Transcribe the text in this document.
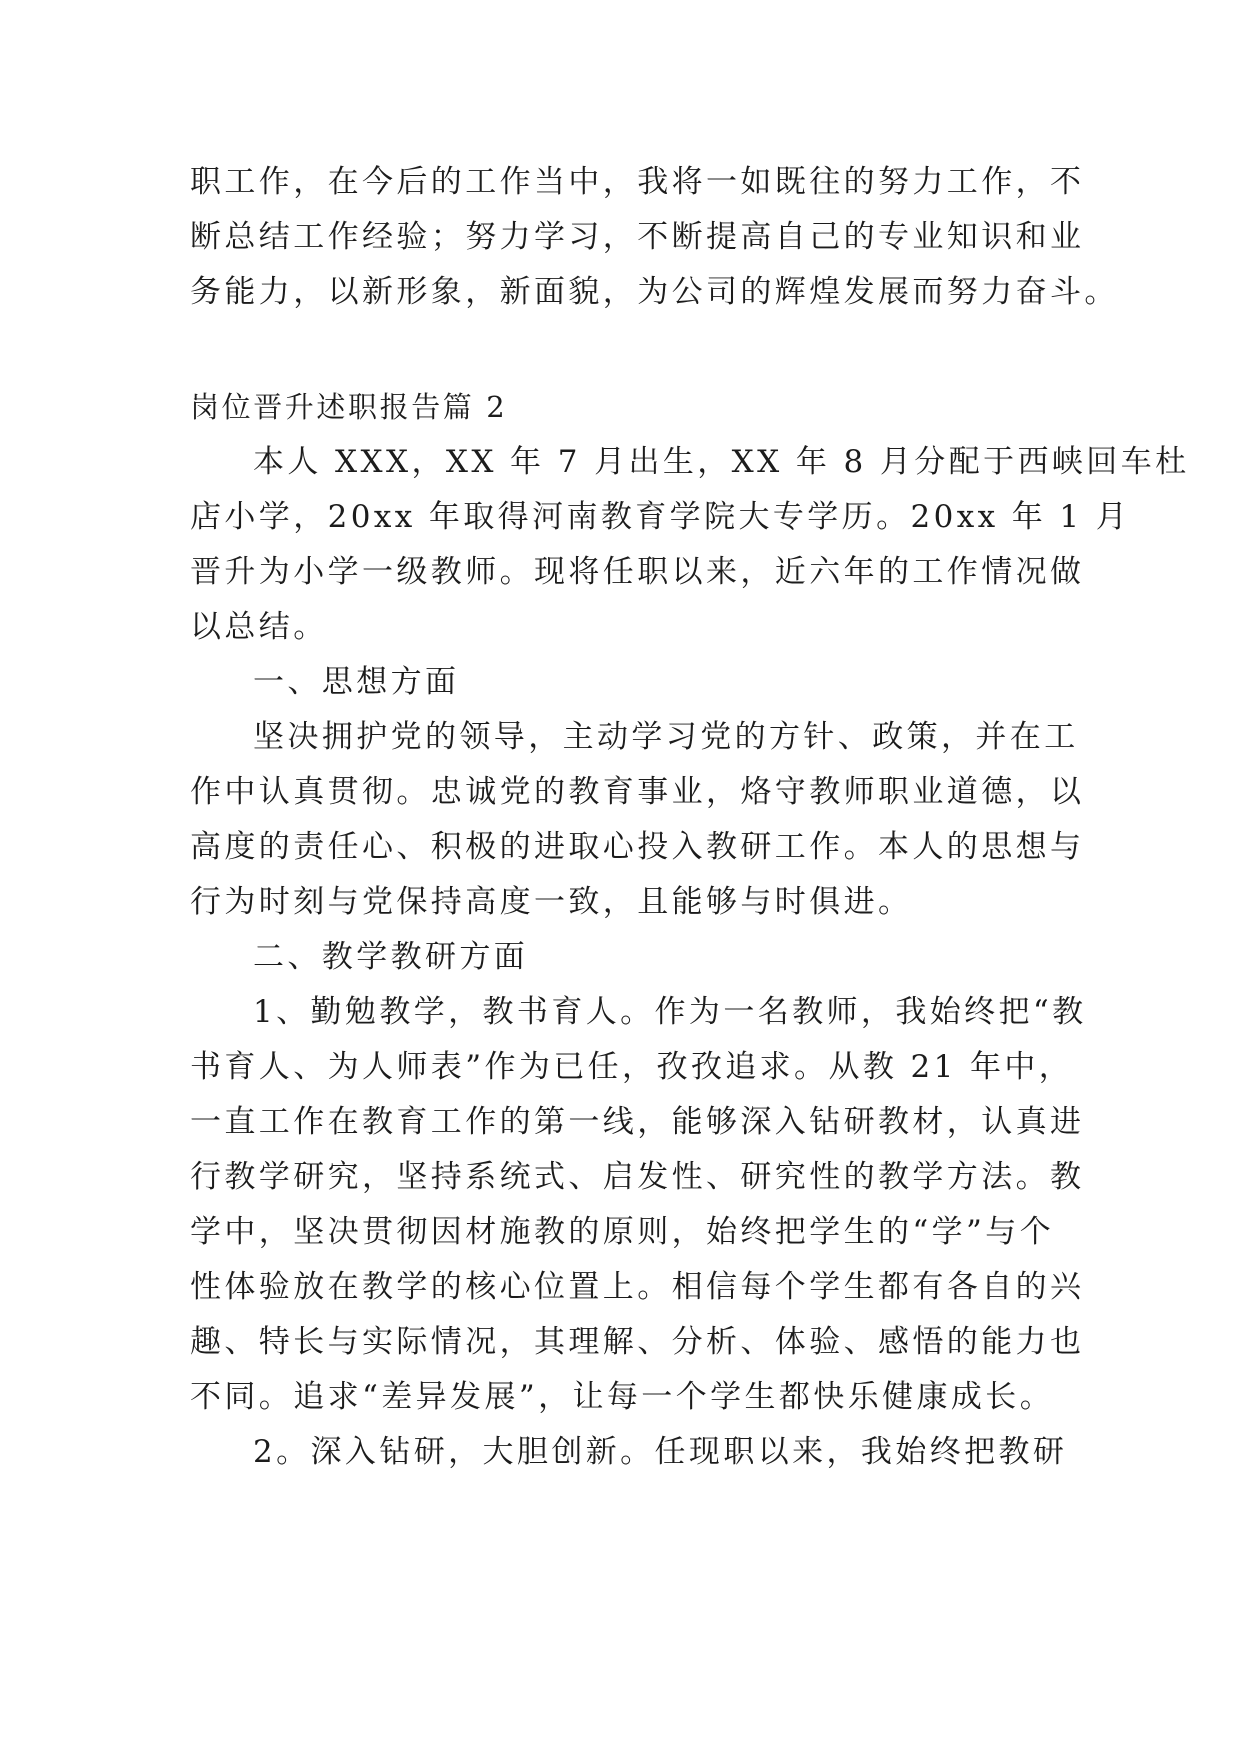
职工作，在今后的工作当中，我将一如既往的努力工作，不
断总结工作经验；努力学习，不断提高自己的专业知识和业
务能力，以新形象，新面貌，为公司的辉煌发展而努力奋斗。
岗位晋升述职报告篇 2
本人 XXX，XX 年 7 月出生，XX 年 8 月分配于西峡回车杜
店小学，20xx 年取得河南教育学院大专学历。20xx 年 1 月
晋升为小学一级教师。现将任职以来，近六年的工作情况做
以总结。
一、思想方面
坚决拥护党的领导，主动学习党的方针、政策，并在工
作中认真贯彻。忠诚党的教育事业，烙守教师职业道德，以
高度的责任心、积极的进取心投入教研工作。本人的思想与
行为时刻与党保持高度一致，且能够与时俱进。
二、教学教研方面
1、勤勉教学，教书育人。作为一名教师，我始终把“教
书育人、为人师表”作为已任，孜孜追求。从教 21 年中，
一直工作在教育工作的第一线，能够深入钻研教材，认真进
行教学研究，坚持系统式、启发性、研究性的教学方法。教
学中，坚决贯彻因材施教的原则，始终把学生的“学”与个
性体验放在教学的核心位置上。相信每个学生都有各自的兴
趣、特长与实际情况，其理解、分析、体验、感悟的能力也
不同。追求“差异发展”，让每一个学生都快乐健康成长。
2。深入钻研，大胆创新。任现职以来，我始终把教研
